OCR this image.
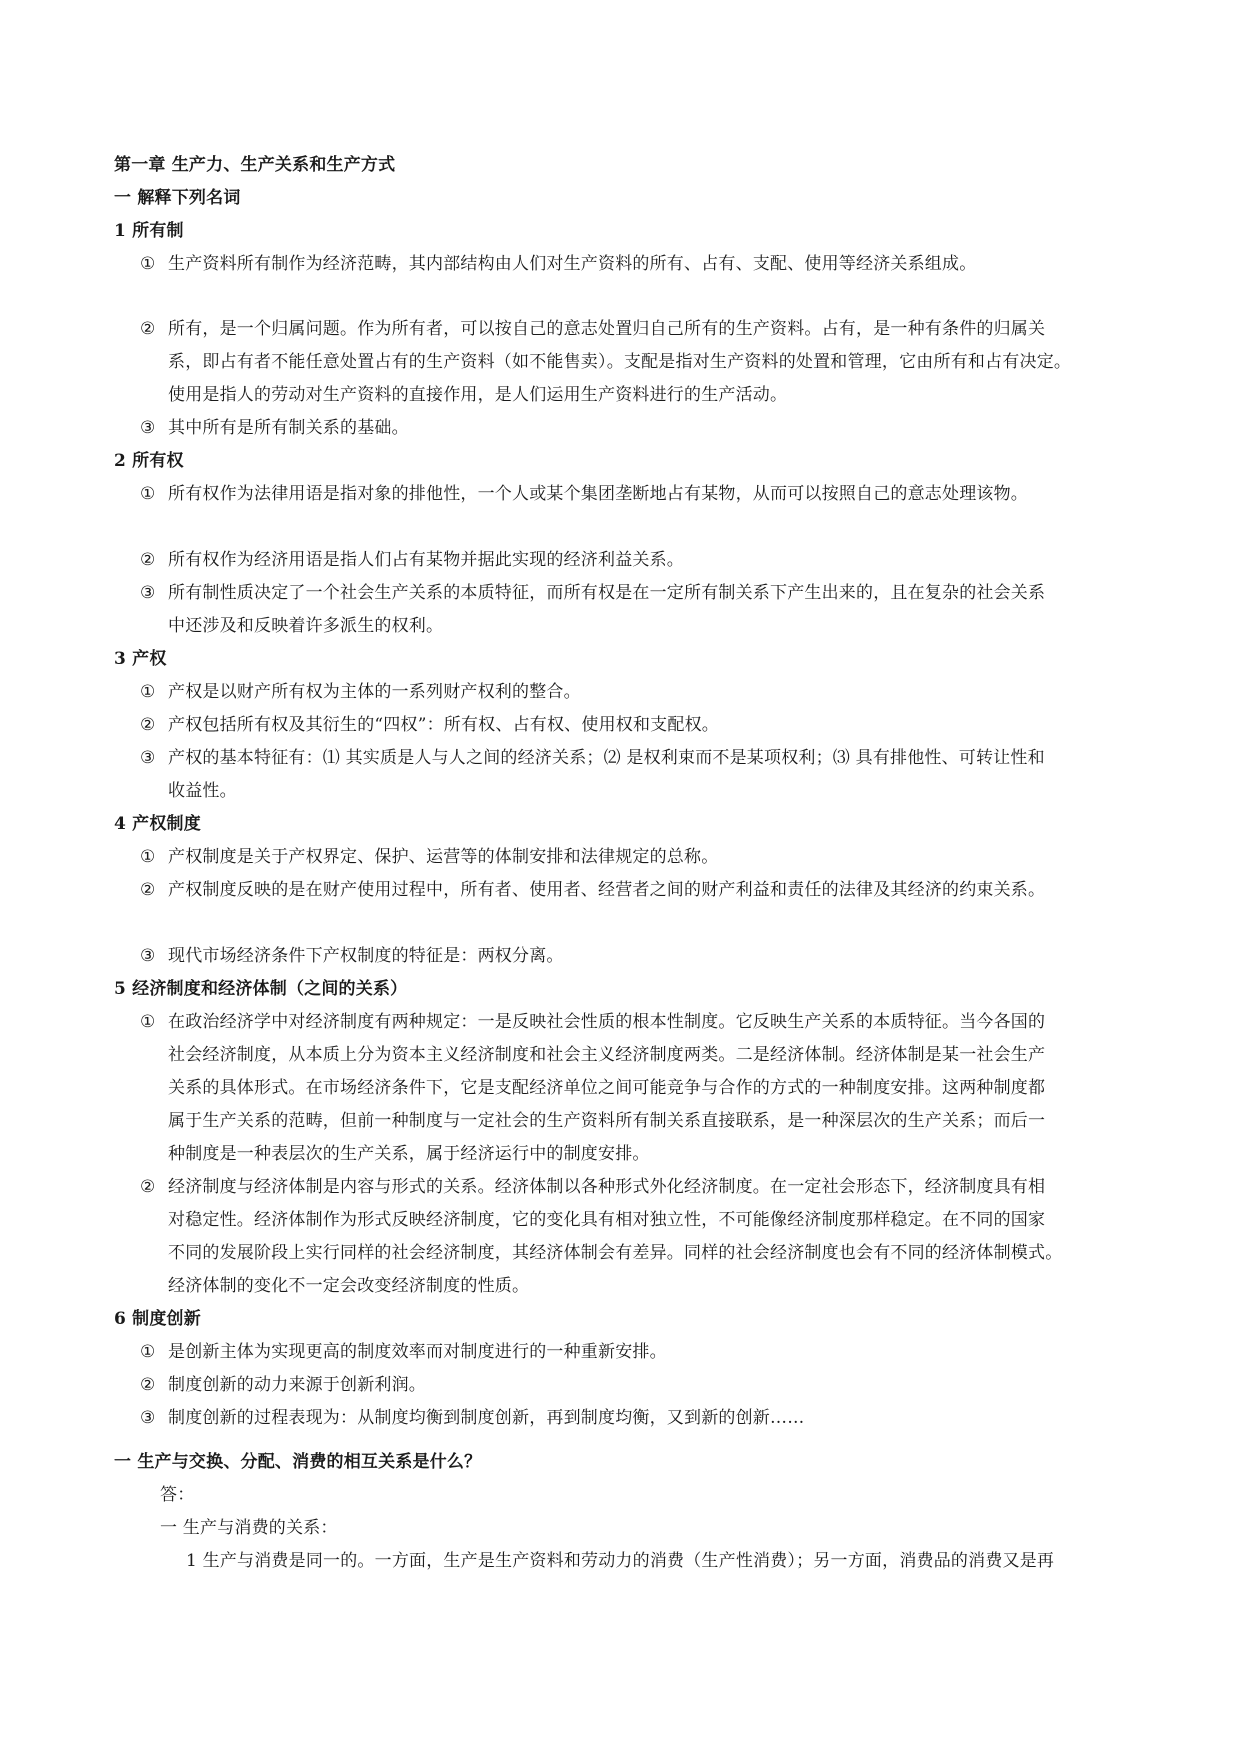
第一章 生产力、生产关系和生产方式
一 解释下列名词
1 所有制
① 生产资料所有制作为经济范畴，其内部结构由人们对生产资料的所有、占有、支配、使用等经济关系组成。
② 所有，是一个归属问题。作为所有者，可以按自己的意志处置归自己所有的生产资料。占有，是一种有条件的归属关
系，即占有者不能任意处置占有的生产资料（如不能售卖）。支配是指对生产资料的处置和管理，它由所有和占有决定。
使用是指人的劳动对生产资料的直接作用，是人们运用生产资料进行的生产活动。
③ 其中所有是所有制关系的基础。
2 所有权
① 所有权作为法律用语是指对象的排他性，一个人或某个集团垄断地占有某物，从而可以按照自己的意志处理该物。
② 所有权作为经济用语是指人们占有某物并据此实现的经济利益关系。
③ 所有制性质决定了一个社会生产关系的本质特征，而所有权是在一定所有制关系下产生出来的，且在复杂的社会关系
中还涉及和反映着许多派生的权利。
3 产权
① 产权是以财产所有权为主体的一系列财产权利的整合。
② 产权包括所有权及其衍生的“四权”：所有权、占有权、使用权和支配权。
③ 产权的基本特征有：⑴ 其实质是人与人之间的经济关系；⑵ 是权利束而不是某项权利；⑶ 具有排他性、可转让性和
收益性。
4 产权制度
① 产权制度是关于产权界定、保护、运营等的体制安排和法律规定的总称。
② 产权制度反映的是在财产使用过程中，所有者、使用者、经营者之间的财产利益和责任的法律及其经济的约束关系。
③ 现代市场经济条件下产权制度的特征是：两权分离。
5 经济制度和经济体制（之间的关系）
① 在政治经济学中对经济制度有两种规定：一是反映社会性质的根本性制度。它反映生产关系的本质特征。当今各国的
社会经济制度，从本质上分为资本主义经济制度和社会主义经济制度两类。二是经济体制。经济体制是某一社会生产
关系的具体形式。在市场经济条件下，它是支配经济单位之间可能竞争与合作的方式的一种制度安排。这两种制度都
属于生产关系的范畴，但前一种制度与一定社会的生产资料所有制关系直接联系，是一种深层次的生产关系；而后一
种制度是一种表层次的生产关系，属于经济运行中的制度安排。
② 经济制度与经济体制是内容与形式的关系。经济体制以各种形式外化经济制度。在一定社会形态下，经济制度具有相
对稳定性。经济体制作为形式反映经济制度，它的变化具有相对独立性，不可能像经济制度那样稳定。在不同的国家
不同的发展阶段上实行同样的社会经济制度，其经济体制会有差异。同样的社会经济制度也会有不同的经济体制模式。
经济体制的变化不一定会改变经济制度的性质。
6 制度创新
① 是创新主体为实现更高的制度效率而对制度进行的一种重新安排。
② 制度创新的动力来源于创新利润。
③ 制度创新的过程表现为：从制度均衡到制度创新，再到制度均衡，又到新的创新……
一 生产与交换、分配、消费的相互关系是什么？
答：
一 生产与消费的关系：
1 生产与消费是同一的。一方面，生产是生产资料和劳动力的消费（生产性消费）；另一方面，消费品的消费又是再
